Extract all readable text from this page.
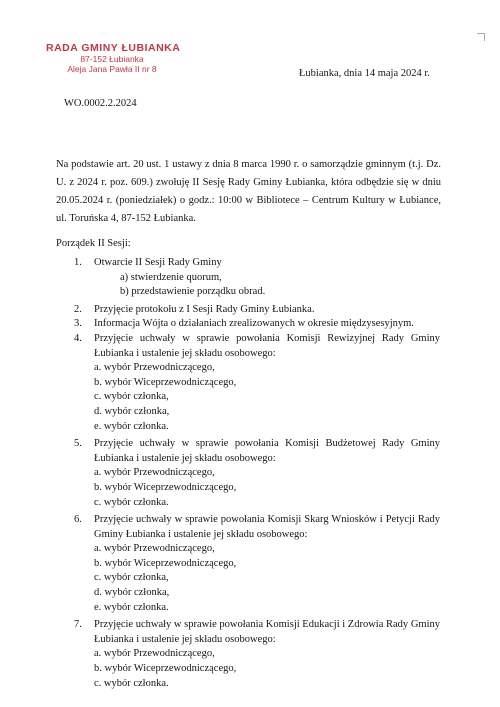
RADA GMINY ŁUBIANKA
87-152 Łubianka
Aleja Jana Pawła II nr 8	Łubianka, dnia 14 maja 2024 r.
WO.0002.2.2024
Na podstawie art. 20 ust. 1 ustawy z dnia 8 marca 1990 r. o samorządzie gminnym (t.j. Dz. U. z 2024 r. poz. 609.) zwołuję II Sesję Rady Gminy Łubianka, która odbędzie się w dniu 20.05.2024 r. (poniedziałek) o godz.: 10:00 w Bibliotece – Centrum Kultury w Łubiance, ul. Toruńska 4, 87-152 Łubianka.
Porządek II Sesji:
1. Otwarcie II Sesji Rady Gminy
a) stwierdzenie quorum,
b) przedstawienie porządku obrad.
2. Przyjęcie protokołu z I Sesji Rady Gminy Łubianka.
3. Informacja Wójta o działaniach zrealizowanych w okresie międzysesyjnym.
4. Przyjęcie uchwały w sprawie powołania Komisji Rewizyjnej Rady Gminy Łubianka i ustalenie jej składu osobowego:
a. wybór Przewodniczącego,
b. wybór Wiceprzewodniczącego,
c. wybór członka,
d. wybór członka,
e. wybór członka.
5. Przyjęcie uchwały w sprawie powołania Komisji Budżetowej Rady Gminy Łubianka i ustalenie jej składu osobowego:
a. wybór Przewodniczącego,
b. wybór Wiceprzewodniczącego,
c. wybór członka.
6. Przyjęcie uchwały w sprawie powołania Komisji Skarg Wniosków i Petycji Rady Gminy Łubianka i ustalenie jej składu osobowego:
a. wybór Przewodniczącego,
b. wybór Wiceprzewodniczącego,
c. wybór członka,
d. wybór członka,
e. wybór członka.
7. Przyjęcie uchwały w sprawie powołania Komisji Edukacji i Zdrowia Rady Gminy Łubianka i ustalenie jej składu osobowego:
a. wybór Przewodniczącego,
b. wybór Wiceprzewodniczącego,
c. wybór członka.
